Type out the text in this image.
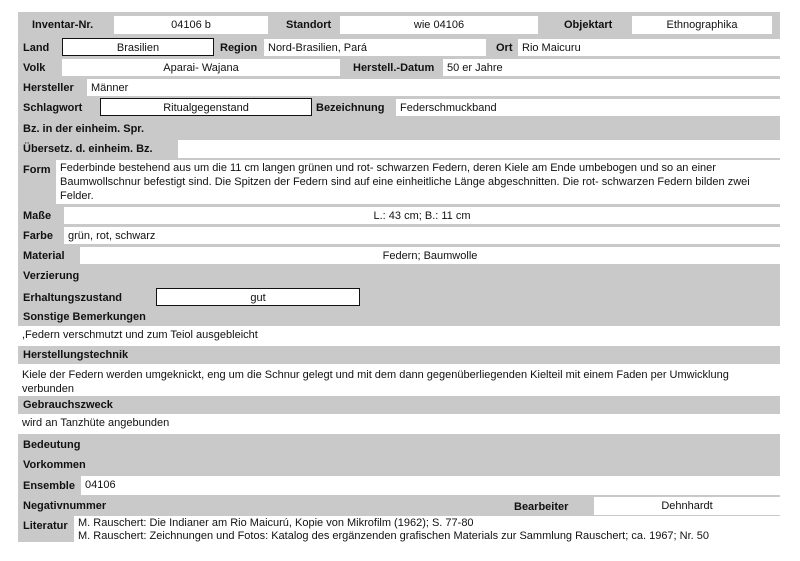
Inventar-Nr.	04106 b	Standort	wie 04106	Objektart	Ethnographika
Land	Brasilien	Region Nord-Brasilien, Pará	Ort Rio Maicuru
Volk	Aparai- Wajana	Herstell.-Datum	50 er Jahre
Hersteller	Männer
Schlagwort	Ritualgegenstand	Bezeichnung	Federschmuckband
Bz. in der einheim. Spr.
Übersetz. d. einheim. Bz.
Form Federbinde bestehend aus um die 11 cm langen grünen und rot- schwarzen Federn, deren Kiele am Ende umbebogen und so an einer Baumwollschnur befestigt sind. Die Spitzen der Federn sind auf eine einheitliche Länge abgeschnitten. Die rot- schwarzen Federn bilden zwei Felder.
Maße	L.: 43 cm; B.: 11 cm
Farbe	grün, rot, schwarz
Material	Federn; Baumwolle
Verzierung
Erhaltungszustand	gut
Sonstige Bemerkungen
,Federn verschmutzt und zum Teiol ausgebleicht
Herstellungstechnik
Kiele der Federn werden umgeknickt, eng um die Schnur gelegt und mit dem dann gegenüberliegenden Kielteil mit einem Faden per Umwicklung verbunden
Gebrauchszweck
wird an Tanzhüte angebunden
Bedeutung
Vorkommen
Ensemble 04106
Negativnummer	Bearbeiter	Dehnhardt
Literatur M. Rauschert: Die Indianer am Rio Maicurú, Kopie von Mikrofilm (1962); S. 77-80
M. Rauschert: Zeichnungen und Fotos: Katalog des ergänzenden grafischen Materials zur Sammlung Rauschert; ca. 1967; Nr. 50
